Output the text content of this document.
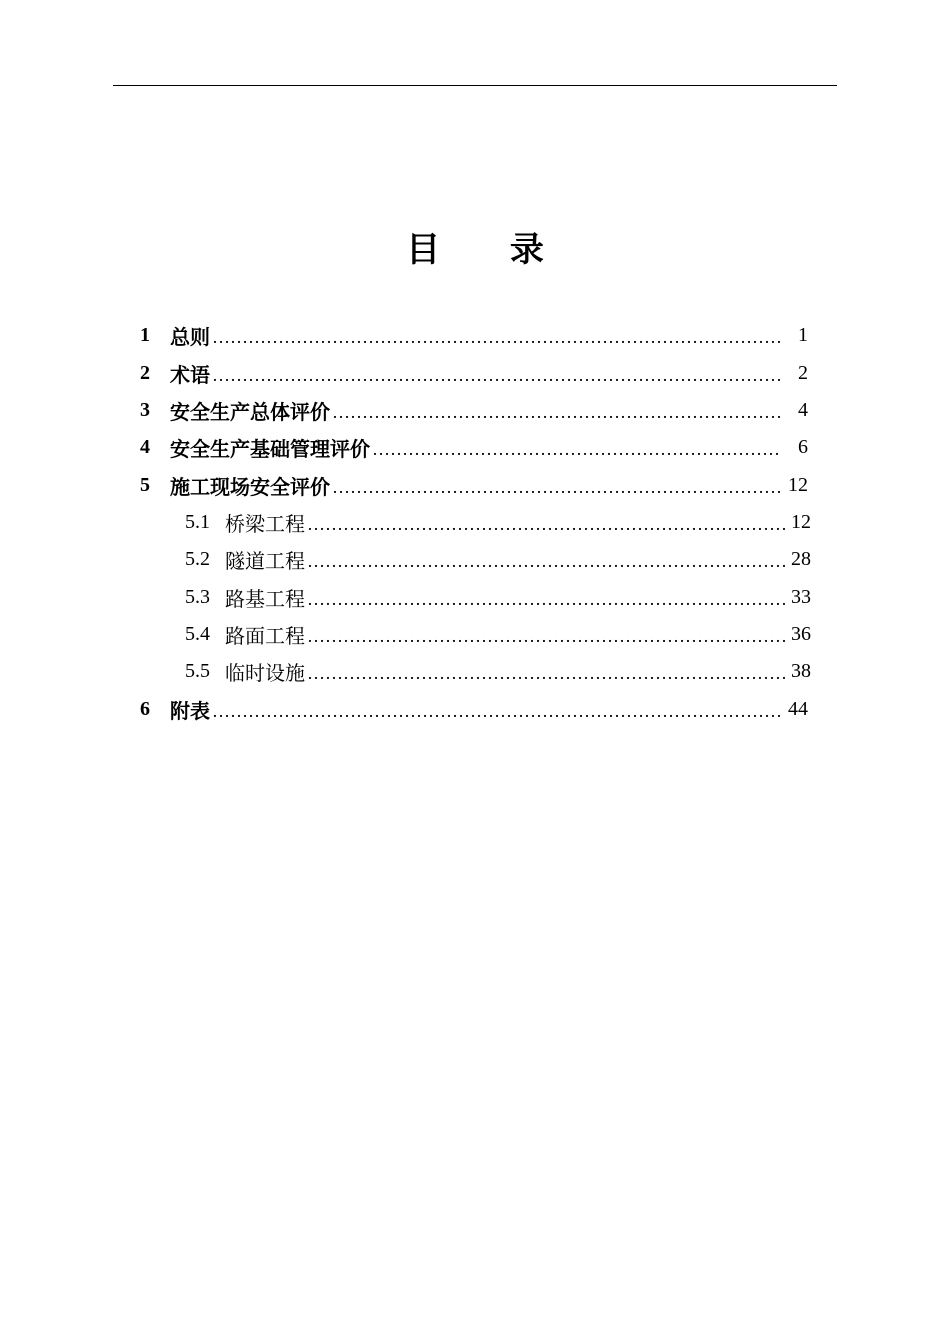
目 录
1	总则 …………………………………………………………………………………………………………………………………………………………………………………………	1
2	术语 …………………………………………………………………………………………………………………………………………………………………………………………	2
3	安全生产总体评价 …………………………………………………………………………………………………………………………………………………………………………………………	4
4	安全生产基础管理评价 …………………………………………………………………………………………………………………………………………………………………………………………	6
5	施工现场安全评价 …………………………………………………………………………………………………………………………………………………………………………………………	12
5.1 桥梁工程 …………………………………………………………………………………………………………………………………………………………………………………………	12
5.2 隧道工程 …………………………………………………………………………………………………………………………………………………………………………………………	28
5.3 路基工程 …………………………………………………………………………………………………………………………………………………………………………………………	33
5.4 路面工程 …………………………………………………………………………………………………………………………………………………………………………………………	36
5.5 临时设施 …………………………………………………………………………………………………………………………………………………………………………………………	38
6	附表 …………………………………………………………………………………………………………………………………………………………………………………………	44
